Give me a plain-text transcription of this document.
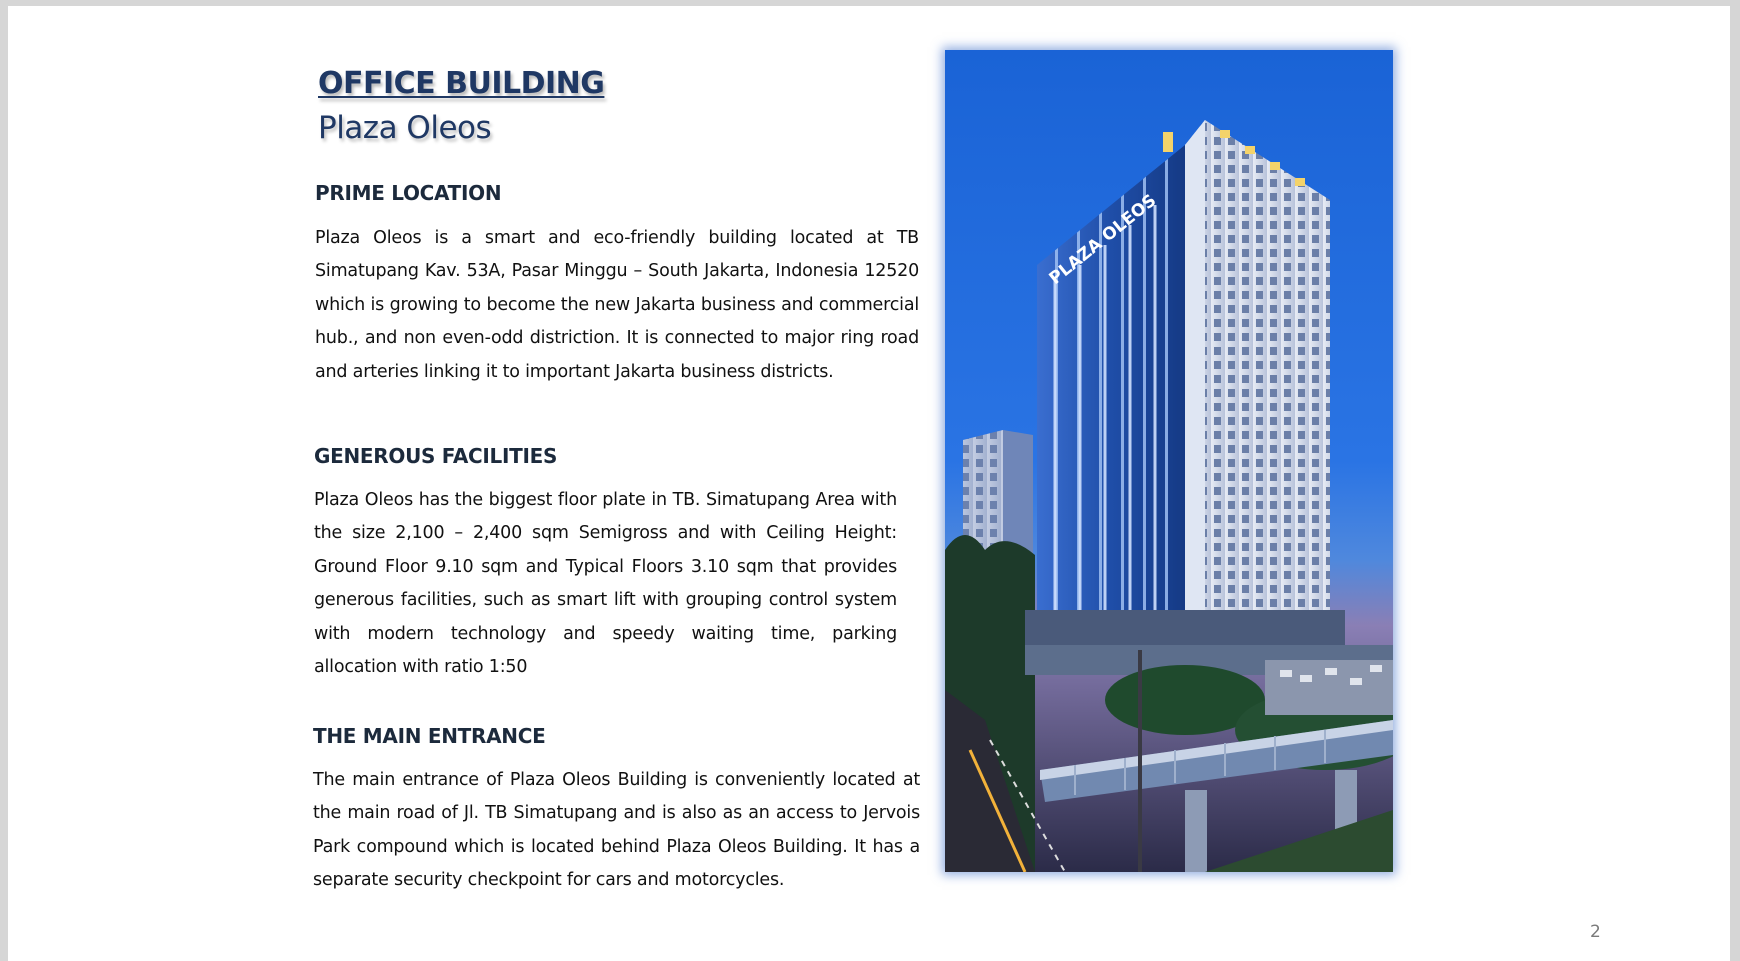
OFFICE BUILDING
Plaza Oleos
PRIME LOCATION

Plaza Oleos is a smart and eco-friendly building located at TB Simatupang Kav. 53A, Pasar Minggu – South Jakarta, Indonesia 12520 which is growing to become the new Jakarta business and commercial hub., and non even-odd distriction. It is connected to major ring road and arteries linking it to important Jakarta business districts.

GENEROUS FACILITIES

Plaza Oleos has the biggest floor plate in TB. Simatupang Area with the size 2,100 – 2,400 sqm Semigross and with Ceiling Height: Ground Floor 9.10 sqm and Typical Floors 3.10 sqm that provides generous facilities, such as smart lift with grouping control system with modern technology and speedy waiting time, parking allocation with ratio 1:50

THE MAIN ENTRANCE

The main entrance of Plaza Oleos Building is conveniently located at the main road of Jl. TB Simatupang and is also as an access to Jervois Park compound which is located behind Plaza Oleos Building. It has a separate security checkpoint for cars and motorcycles.

PLAZA OLEOS
2
